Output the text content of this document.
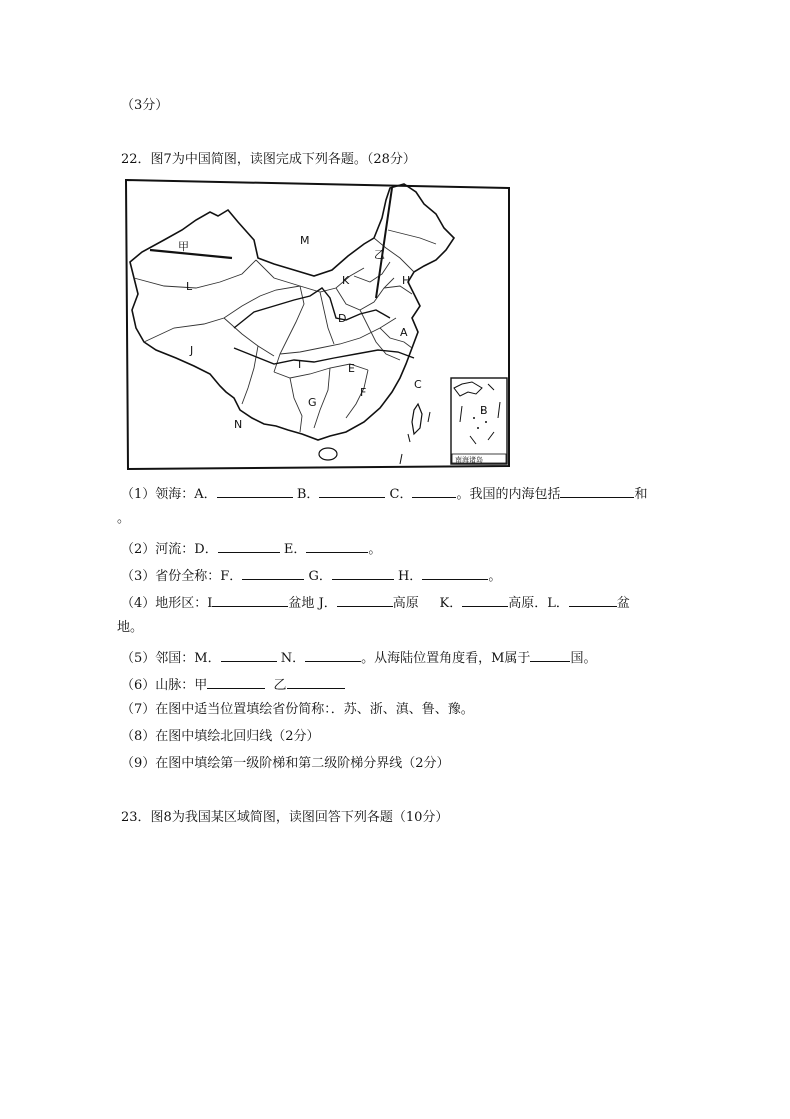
（3分）
22．图7为中国简图，读图完成下列各题。（28分）
南海诸岛
甲
乙
M
L
J
N
K	H
D
A
I	E
G
F
C
B
（1）领海：A．	B．	C．	。我国的内海包括	和
。
（2）河流：D．	E．	。
（3）省份全称：F．	G．	H．	。
（4）地形区：I	盆地 J．	高原 K．	高原．L．	盆
地。
（5）邻国：M．	N．	。从海陆位置角度看，M属于	国。
（6）山脉：甲	乙
（7）在图中适当位置填绘省份简称：．苏、浙、滇、鲁、豫。
（8）在图中填绘北回归线（2分）
（9）在图中填绘第一级阶梯和第二级阶梯分界线（2分）
23．图8为我国某区域简图，读图回答下列各题（10分）
